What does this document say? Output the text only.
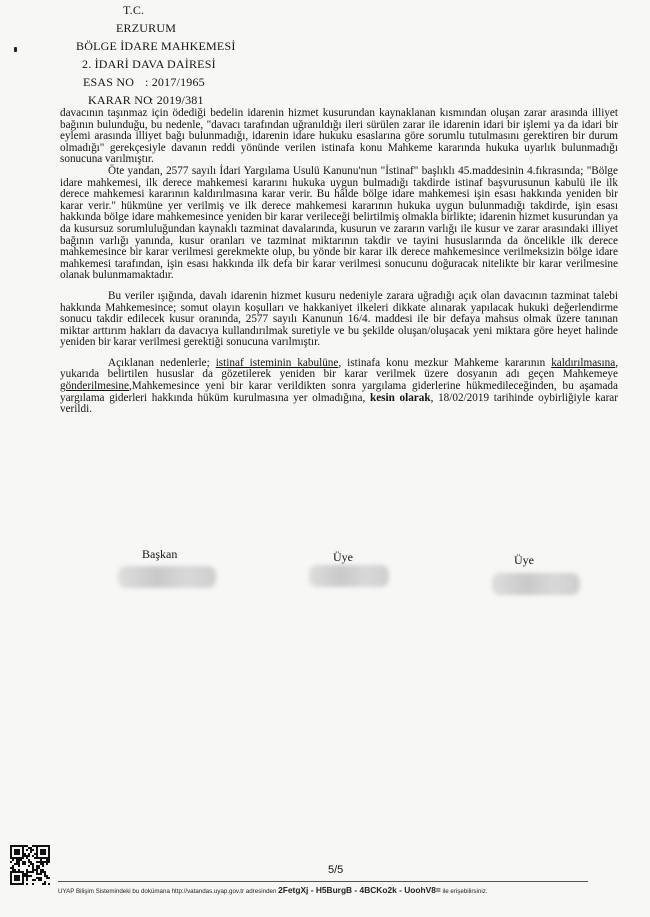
T.C.
ERZURUM
BÖLGE İDARE MAHKEMESİ
2. İDARİ DAVA DAİRESİ
ESAS NO : 2017/1965
KARAR NO: 2019/381

davacının taşınmaz için ödediği bedelin idarenin hizmet kusurundan kaynaklanan kısmından oluşan zarar arasında illiyet bağının bulunduğu, bu nedenle, "davacı tarafından uğranıldığı ileri sürülen zarar ile idarenin idari bir işlemi ya da idari bir eylemi arasında illiyet bağı bulunmadığı, idarenin idare hukuku esaslarına göre sorumlu tutulmasını gerektiren bir durum olmadığı" gerekçesiyle davanın reddi yönünde verilen istinafa konu Mahkeme kararında hukuka uyarlık bulunmadığı sonucuna varılmıştır.

Öte yandan, 2577 sayılı İdari Yargılama Usulü Kanunu'nun "İstinaf" başlıklı 45.maddesinin 4.fıkrasında; "Bölge idare mahkemesi, ilk derece mahkemesi kararını hukuka uygun bulmadığı takdirde istinaf başvurusunun kabulü ile ilk derece mahkemesi kararının kaldırılmasına karar verir. Bu hâlde bölge idare mahkemesi işin esası hakkında yeniden bir karar verir." hükmüne yer verilmiş ve ilk derece mahkemesi kararının hukuka uygun bulunmadığı takdirde, işin esası hakkında bölge idare mahkemesince yeniden bir karar verileceği belirtilmiş olmakla birlikte; idarenin hizmet kusurundan ya da kusursuz sorumluluğundan kaynaklı tazminat davalarında, kusurun ve zararın varlığı ile kusur ve zarar arasındaki illiyet bağının varlığı yanında, kusur oranları ve tazminat miktarının takdir ve tayini hususlarında da öncelikle ilk derece mahkemesince bir karar verilmesi gerekmekte olup, bu yönde bir karar ilk derece mahkemesince verilmeksizin bölge idare mahkemesi tarafından, işin esası hakkında ilk defa bir karar verilmesi sonucunu doğuracak nitelikte bir karar verilmesine olanak bulunmamaktadır.

Bu veriler ışığında, davalı idarenin hizmet kusuru nedeniyle zarara uğradığı açık olan davacının tazminat talebi hakkında Mahkemesince; somut olayın koşulları ve hakkaniyet ilkeleri dikkate alınarak yapılacak hukuki değerlendirme sonucu takdir edilecek kusur oranında, 2577 sayılı Kanunun 16/4. maddesi ile bir defaya mahsus olmak üzere tanınan miktar arttırım hakları da davacıya kullandırılmak suretiyle ve bu şekilde oluşan/oluşacak yeni miktara göre heyet halinde yeniden bir karar verilmesi gerektiği sonucuna varılmıştır.

Açıklanan nedenlerle; istinaf isteminin kabulüne, istinafa konu mezkur Mahkeme kararının kaldırılmasına, yukarıda belirtilen hususlar da gözetilerek yeniden bir karar verilmek üzere dosyanın adı geçen Mahkemeye gönderilmesine,Mahkemesince yeni bir karar verildikten sonra yargılama giderlerine hükmedileceğinden, bu aşamada yargılama giderleri hakkında hüküm kurulmasına yer olmadığına, kesin olarak, 18/02/2019 tarihinde oybirliğiyle karar verildi.

Başkan	Üye	Üye
5/5
UYAP Bilişim Sistemindeki bu dokümana http://vatandas.uyap.gov.tr adresinden 2FetgXj - H5BurgB - 4BCKo2k - UoohV8= ile erişebilirsiniz.
